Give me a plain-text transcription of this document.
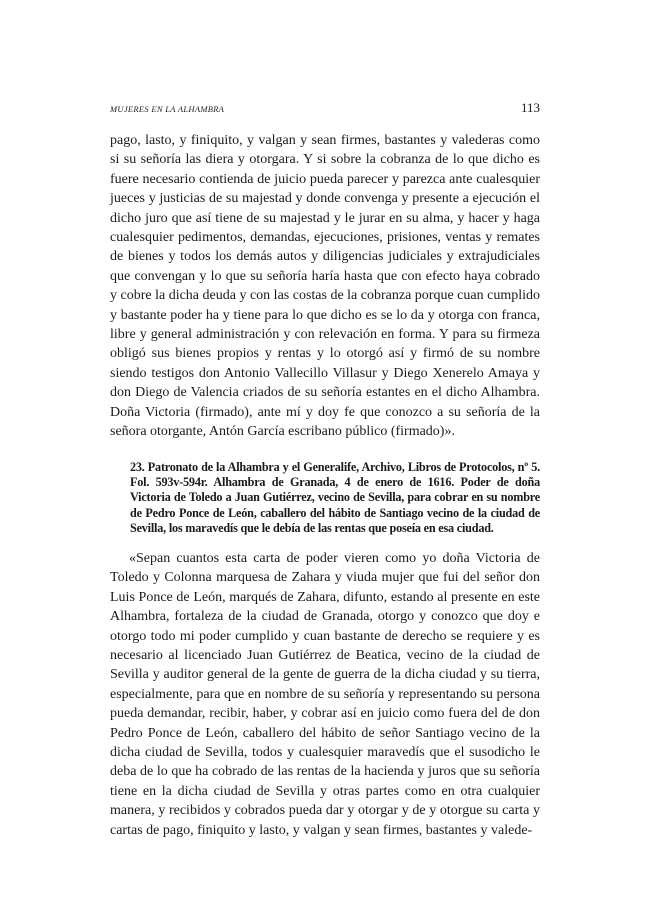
MUJERES EN LA ALHAMBRA	113

pago, lasto, y finiquito, y valgan y sean firmes, bastantes y valederas como si su señoría las diera y otorgara. Y si sobre la cobranza de lo que dicho es fuere necesario contienda de juicio pueda parecer y parezca ante cualesquier jueces y justicias de su majestad y donde convenga y presente a ejecución el dicho juro que así tiene de su majestad y le jurar en su alma, y hacer y haga cualesquier pedimentos, demandas, ejecuciones, prisiones, ventas y remates de bienes y todos los demás autos y diligencias judiciales y extrajudiciales que convengan y lo que su señoría haría hasta que con efecto haya cobrado y cobre la dicha deuda y con las costas de la cobranza porque cuan cumplido y bastante poder ha y tiene para lo que dicho es se lo da y otorga con franca, libre y general administración y con relevación en forma. Y para su firmeza obligó sus bienes propios y rentas y lo otorgó así y firmó de su nombre siendo testigos don Antonio Vallecillo Villasur y Diego Xenerelo Amaya y don Diego de Valencia criados de su señoría estantes en el dicho Alhambra. Doña Victoria (firmado), ante mí y doy fe que conozco a su señoría de la señora otorgante, Antón García escribano público (firmado)».

23. Patronato de la Alhambra y el Generalife, Archivo, Libros de Protocolos, nº 5. Fol. 593v-594r. Alhambra de Granada, 4 de enero de 1616. Poder de doña Victoria de Toledo a Juan Gutiérrez, vecino de Sevilla, para cobrar en su nombre de Pedro Ponce de León, caballero del hábito de Santiago vecino de la ciudad de Sevilla, los maravedís que le debía de las rentas que poseía en esa ciudad.

«Sepan cuantos esta carta de poder vieren como yo doña Victoria de Toledo y Colonna marquesa de Zahara y viuda mujer que fui del señor don Luis Ponce de León, marqués de Zahara, difunto, estando al presente en este Alhambra, fortaleza de la ciudad de Granada, otorgo y conozco que doy e otorgo todo mi poder cumplido y cuan bastante de derecho se requiere y es necesario al licenciado Juan Gutiérrez de Beatica, vecino de la ciudad de Sevilla y auditor general de la gente de guerra de la dicha ciudad y su tierra, especialmente, para que en nombre de su señoría y representando su persona pueda demandar, recibir, haber, y cobrar así en juicio como fuera del de don Pedro Ponce de León, caballero del hábito de señor Santiago vecino de la dicha ciudad de Sevilla, todos y cualesquier maravedís que el susodicho le deba de lo que ha cobrado de las rentas de la hacienda y juros que su señoría tiene en la dicha ciudad de Sevilla y otras partes como en otra cualquier manera, y recibidos y cobrados pueda dar y otorgar y de y otorgue su carta y cartas de pago, finiquito y lasto, y valgan y sean firmes, bastantes y valede-
